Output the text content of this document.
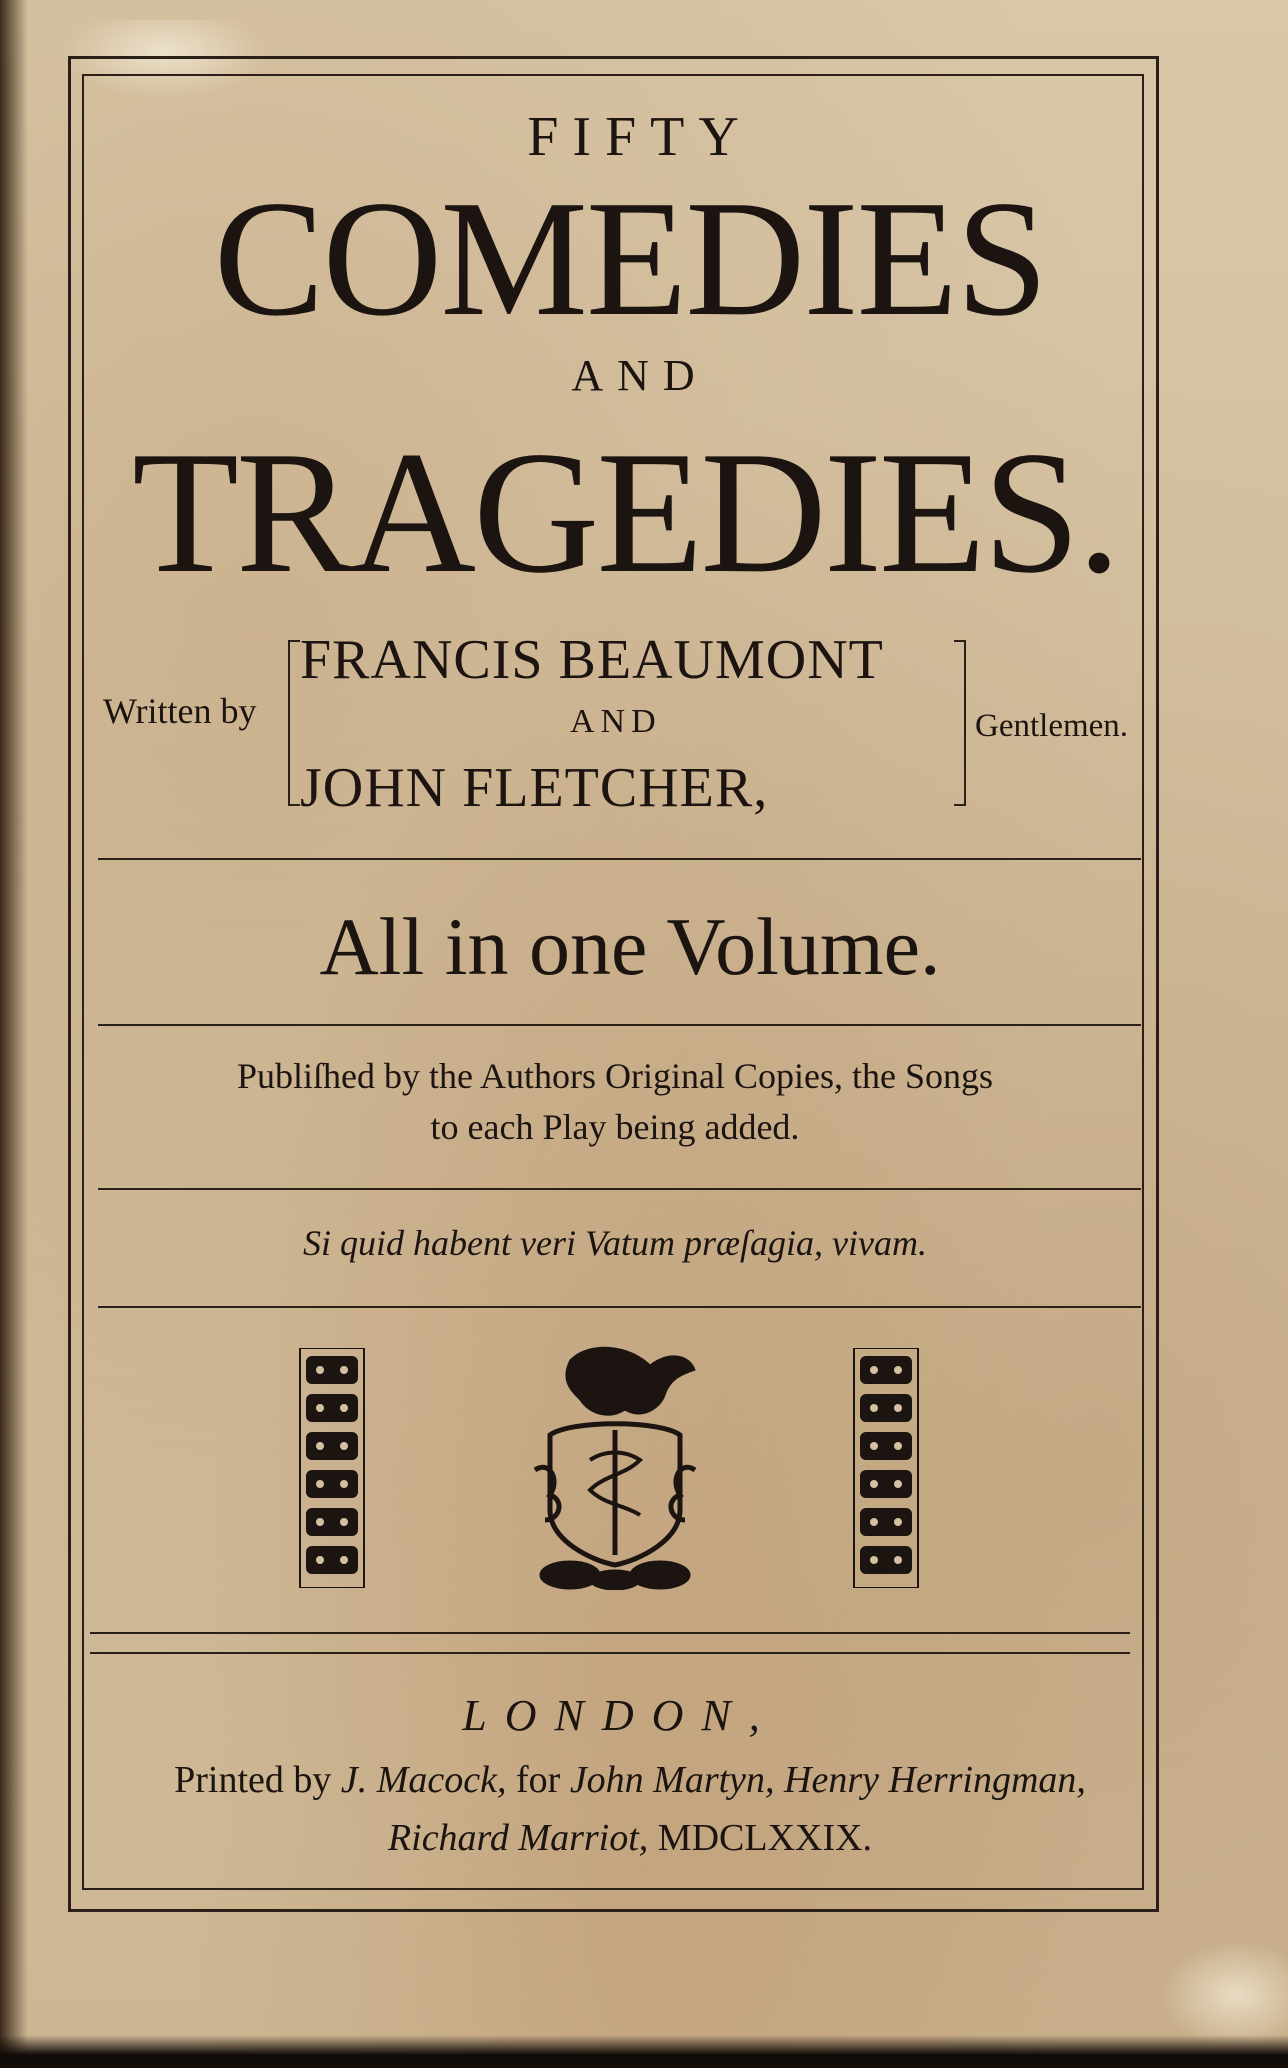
FIFTY

COMEDIES

AND

TRAGEDIES.

Written by

FRANCIS BEAUMONT

AND

JOHN FLETCHER,

Gentlemen.

All in one Volume.

Publiſhed by the Authors Original Copies, the Songs

to each Play being added.

Si quid habent veri Vatum præſagia, vivam.

LONDON,

Printed by J. Macock, for John Martyn, Henry Herringman,

Richard Marriot, MDCLXXIX.
